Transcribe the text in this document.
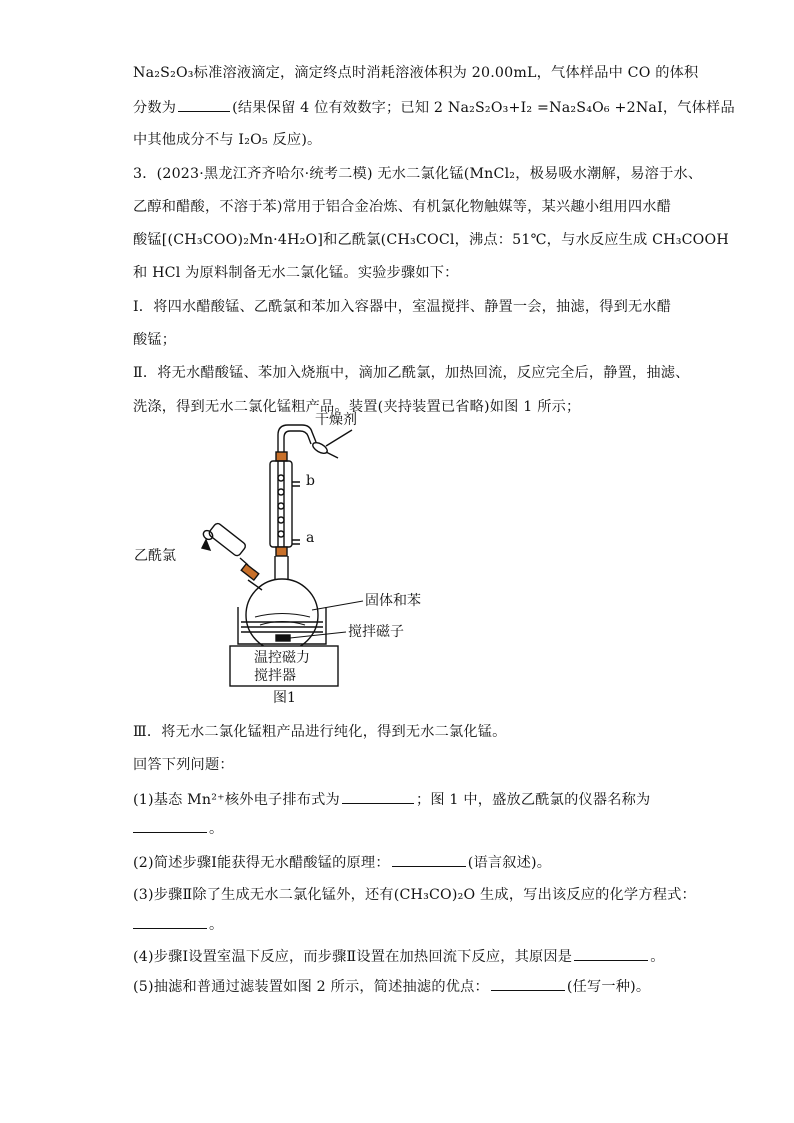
Na₂S₂O₃标准溶液滴定，滴定终点时消耗溶液体积为 20.00mL，气体样品中 CO 的体积
分数为	(结果保留 4 位有效数字；已知 2 Na₂S₂O₃+I₂ =Na₂S₄O₆ +2NaI，气体样品
中其他成分不与 I₂O₅ 反应)。
3．(2023·黑龙江齐齐哈尔·统考二模) 无水二氯化锰(MnCl₂，极易吸水潮解，易溶于水、
乙醇和醋酸，不溶于苯)常用于铝合金冶炼、有机氯化物触媒等，某兴趣小组用四水醋
酸锰[(CH₃COO)₂Mn·4H₂O]和乙酰氯(CH₃COCl，沸点：51℃，与水反应生成 CH₃COOH
和 HCl 为原料制备无水二氯化锰。实验步骤如下：
Ⅰ．将四水醋酸锰、乙酰氯和苯加入容器中，室温搅拌、静置一会，抽滤，得到无水醋
酸锰；
Ⅱ．将无水醋酸锰、苯加入烧瓶中，滴加乙酰氯，加热回流，反应完全后，静置，抽滤、
洗涤，得到无水二氯化锰粗产品。装置(夹持装置已省略)如图 1 所示；
干燥剂
b
a
乙酰氯
固体和苯
搅拌磁子
温控磁力
搅拌器
图1
Ⅲ．将无水二氯化锰粗产品进行纯化，得到无水二氯化锰。
回答下列问题：
(1)基态 Mn²⁺核外电子排布式为	；图 1 中，盛放乙酰氯的仪器名称为
。
(2)简述步骤Ⅰ能获得无水醋酸锰的原理：	(语言叙述)。
(3)步骤Ⅱ除了生成无水二氯化锰外，还有(CH₃CO)₂O 生成，写出该反应的化学方程式：
。
(4)步骤Ⅰ设置室温下反应，而步骤Ⅱ设置在加热回流下反应，其原因是	。
(5)抽滤和普通过滤装置如图 2 所示，简述抽滤的优点：	(任写一种)。
